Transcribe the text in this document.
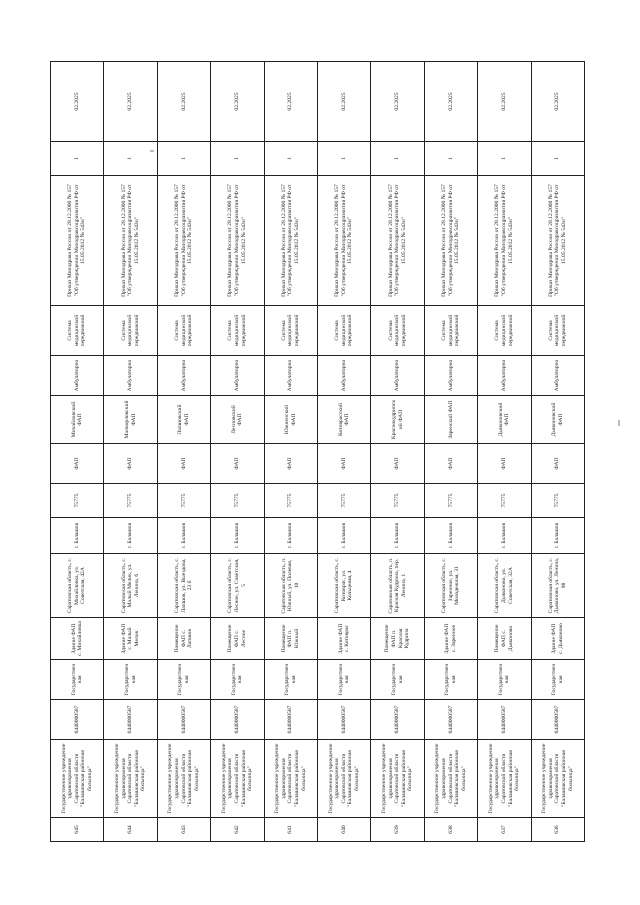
645	Государственное учреждение здравоохранения Саратовской области "Балашовская районная больница"	6440000587	Государственная	Здание ФАП с. Михайловка	Саратовская область, с. Михайловка, ул. Советская, 42А	г. Балашов	75775	ФАП	Михайловский ФАП	Амбулаторно	Система медицинской передвижной	Приказ Минздрава России от 28.12.2000 № 157 "Об утверждении Минздравсоцразвития РФ от 15.05.2012 № 543н"	1	02.2025
644	Государственное учреждение здравоохранения Саратовской области "Балашовская районная больница"	6440000587	Государственная	Здание ФАП с. Малый Мелик	Саратовская область, с. Малый Мелик, ул. Ленина, 6	г. Балашов	75775	ФАП	Малоорловский ФАП	Амбулаторно	Система медицинской передвижной	Приказ Минздрава России от 28.12.2000 № 157 "Об утверждении Минздравсоцразвития РФ от 15.05.2012 № 543н"	1	02.2025
643	Государственное учреждение здравоохранения Саратовской области "Балашовская районная больница"	6440000587	Государственная	Помещение ФАП с. Лапшов	Саратовская область, с. Лапшов, ул. Выездова, 23 б	г. Балашов	75775	ФАП	Лапшовский ФАП	Амбулаторно	Система медицинской передвижной	Приказ Минздрава России от 28.12.2000 № 157 "Об утверждении Минздравсоцразвития РФ от 15.05.2012 № 543н"	1	02.2025
642	Государственное учреждение здравоохранения Саратовской области "Балашовская районная больница"	6440000587	Государственная	Помещение ФАП с. Лесное	Саратовская область, с. Лесное, ул. Советская, 5	г. Балашов	75775	ФАП	Лесновский ФАП	Амбулаторно	Система медицинской передвижной	Приказ Минздрава России от 28.12.2000 № 157 "Об утверждении Минздравсоцразвития РФ от 15.05.2012 № 543н"	1	02.2025
641	Государственное учреждение здравоохранения Саратовской области "Балашовская районная больница"	6440000587	Государственная	Помещение ФАП п. Южный	Саратовская область, п. Южный, ул. Полевая, 10	г. Балашов	75775	ФАП	Южненский ФАП	Амбулаторно	Система медицинской передвижной	Приказ Минздрава России от 28.12.2000 № 157 "Об утверждении Минздравсоцразвития РФ от 15.05.2012 № 543н"	1	02.2025
640	Государственное учреждение здравоохранения Саратовской области "Балашовская районная больница"	6440000587	Государственная	Здание ФАП с. Котоврас	Саратовская область, с. Котоврас, ул. Кольцевая, 4	г. Балашов	75775	ФАП	Котоврасский ФАП	Амбулаторно	Система медицинской передвижной	Приказ Минздрава России от 28.12.2000 № 157 "Об утверждении Минздравсоцразвития РФ от 15.05.2012 № 543н"	1	02.2025
639	Государственное учреждение здравоохранения Саратовской области "Балашовская районная больница"	6440000587	Государственная	Помещение ФАП п. Красная Кудрина	Саратовская область, п. Красная Кудрина, пер. Ленина, 1	г. Балашов	75775	ФАП	Краснокудринский ФАП	Амбулаторно	Система медицинской передвижной	Приказ Минздрава России от 28.12.2000 № 157 "Об утверждении Минздравсоцразвития РФ от 15.05.2012 № 543н"	1	02.2025
638	Государственное учреждение здравоохранения Саратовской области "Балашовская районная больница"	6440000587	Государственная	Здание ФАП с. Заренное	Саратовская область, с. Заренное, ул. Молодежная, 31	г. Балашов	75775	ФАП	Заренский ФАП	Амбулаторно	Система медицинской передвижной	Приказ Минздрава России от 28.12.2000 № 157 "Об утверждении Минздравсоцразвития РФ от 15.05.2012 № 543н"	1	02.2025
637	Государственное учреждение здравоохранения Саратовской области "Балашовская районная больница"	6440000587	Государственная	Помещение ФАП с. Дьяконово	Саратовская область, с. Дьяконово, ул. Советская, 32А	г. Балашов	75775	ФАП	Дьяконовский ФАП	Амбулаторно	Система медицинской передвижной	Приказ Минздрава России от 28.12.2000 № 157 "Об утверждении Минздравсоцразвития РФ от 15.05.2012 № 543н"	1	02.2025
636	Государственное учреждение здравоохранения Саратовской области "Балашовская районная больница"	6440000587	Государственная	Здание ФАП с. Дьяконово	Саратовская область, с. Дьяконово, ул. Ленина, 98	г. Балашов	75775	ФАП	Дьяконовский ФАП	Амбулаторно	Система медицинской передвижной	Приказ Минздрава России от 28.12.2000 № 157 "Об утверждении Минздравсоцразвития РФ от 15.05.2012 № 543н"	1	02.2025
